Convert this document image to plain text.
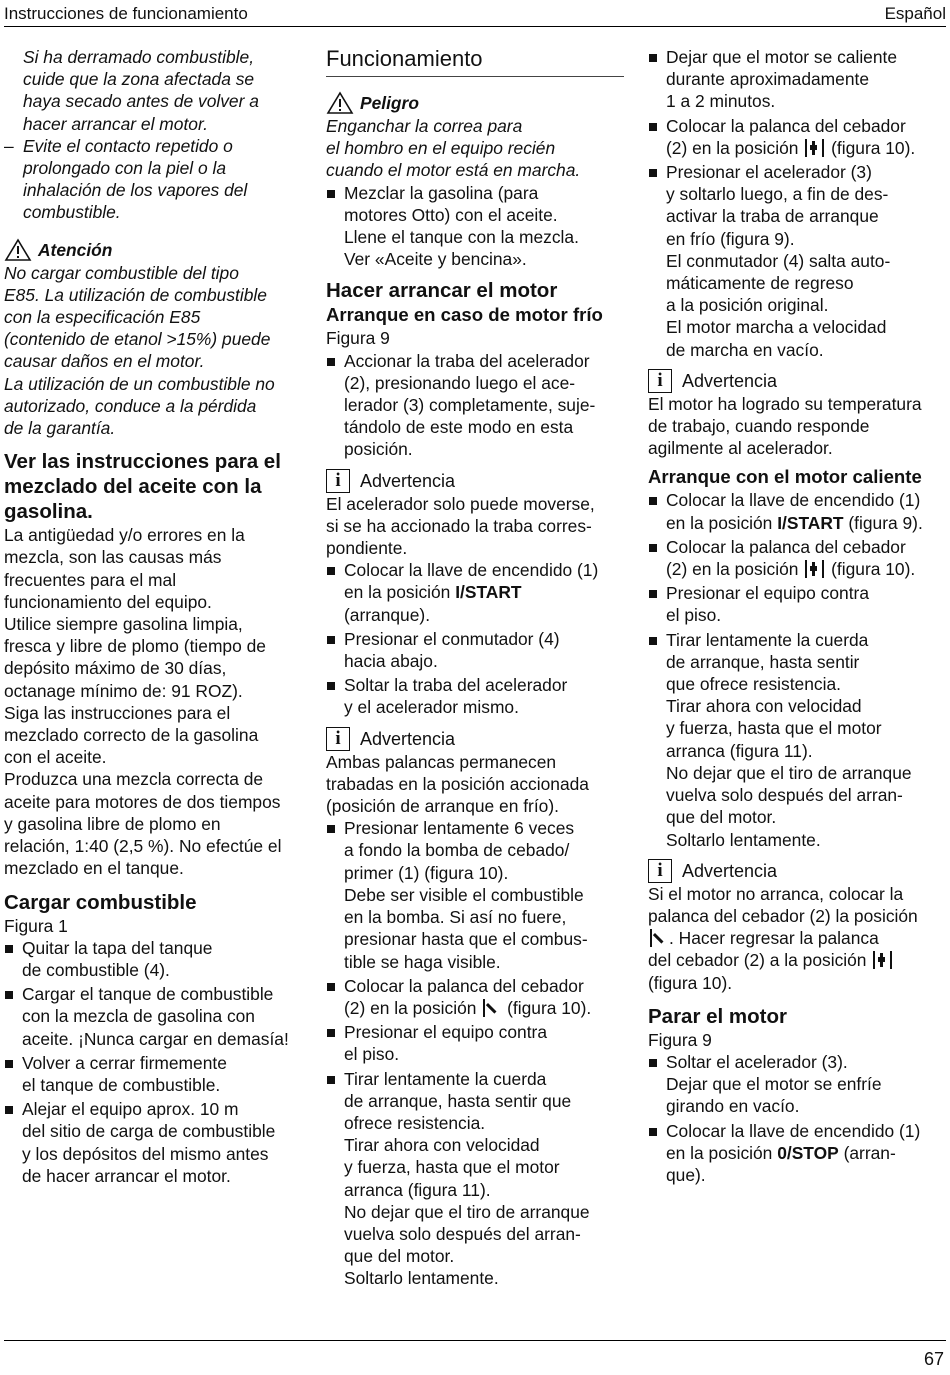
Instrucciones de funcionamiento	Español

Si ha derramado combustible,
cuide que la zona afectada se
haya secado antes de volver a
hacer arrancar el motor.

– Evite el contacto repetido o
prolongado con la piel o la
inhalación de los vapores del
combustible.
Atención

No cargar combustible del tipo
E85. La utilización de combustible
con la especificación E85
(contenido de etanol >15%) puede
causar daños en el motor.
La utilización de un combustible no
autorizado, conduce a la pérdida
de la garantía.

Ver las instrucciones para el
mezclado del aceite con la
gasolina.

La antigüedad y/o errores en la
mezcla, son las causas más
frecuentes para el mal
funcionamiento del equipo.
Utilice siempre gasolina limpia,
fresca y libre de plomo (tiempo de
depósito máximo de 30 días,
octanage mínimo de: 91 ROZ).
Siga las instrucciones para el
mezclado correcto de la gasolina
con el aceite.
Produzca una mezcla correcta de
aceite para motores de dos tiempos
y gasolina libre de plomo en
relación, 1:40 (2,5 %). No efectúe el
mezclado en el tanque.

Cargar combustible

Figura 1

Quitar la tapa del tanque
de combustible (4).
Cargar el tanque de combustible
con la mezcla de gasolina con
aceite. ¡Nunca cargar en demasía!
Volver a cerrar firmemente
el tanque de combustible.
Alejar el equipo aprox. 10 m
del sitio de carga de combustible
y los depósitos del mismo antes
de hacer arrancar el motor.
Funcionamiento
Peligro

Enganchar la correa para
el hombro en el equipo recién
cuando el motor está en marcha.

Mezclar la gasolina (para
motores Otto) con el aceite.
Llene el tanque con la mezcla.
Ver «Aceite y bencina».
Hacer arrancar el motor
Arranque en caso de motor frío

Figura 9

Accionar la traba del acelerador
(2), presionando luego el ace-
lerador (3) completamente, suje-
tándolo de este modo en esta
posición.
i	Advertencia

El acelerador solo puede moverse,
si se ha accionado la traba corres-
pondiente.

Colocar la llave de encendido (1)
en la posición I/START
(arranque).
Presionar el conmutador (4)
hacia abajo.
Soltar la traba del acelerador
y el acelerador mismo.
i	Advertencia

Ambas palancas permanecen
trabadas en la posición accionada
(posición de arranque en frío).

Presionar lentamente 6 veces
a fondo la bomba de cebado/
primer (1) (figura 10).
Debe ser visible el combustible
en la bomba. Si así no fuere,
presionar hasta que el combus-
tible se haga visible.
Colocar la palanca del cebador
(2) en la posición (figura 10).
Presionar el equipo contra
el piso.
Tirar lentamente la cuerda
de arranque, hasta sentir que
ofrece resistencia.
Tirar ahora con velocidad
y fuerza, hasta que el motor
arranca (figura 11).
No dejar que el tiro de arranque
vuelva solo después del arran-
que del motor.
Soltarlo lentamente.
Dejar que el motor se caliente
durante aproximadamente
1 a 2 minutos.
Colocar la palanca del cebador
(2) en la posición (figura 10).
Presionar el acelerador (3)
y soltarlo luego, a fin de des-
activar la traba de arranque
en frío (figura 9).
El conmutador (4) salta auto-
máticamente de regreso
a la posición original.
El motor marcha a velocidad
de marcha en vacío.
i	Advertencia

El motor ha logrado su temperatura
de trabajo, cuando responde
agilmente al acelerador.

Arranque con el motor caliente
Colocar la llave de encendido (1)
en la posición I/START (figura 9).
Colocar la palanca del cebador
(2) en la posición (figura 10).
Presionar el equipo contra
el piso.
Tirar lentamente la cuerda
de arranque, hasta sentir
que ofrece resistencia.
Tirar ahora con velocidad
y fuerza, hasta que el motor
arranca (figura 11).
No dejar que el tiro de arranque
vuelva solo después del arran-
que del motor.
Soltarlo lentamente.
i	Advertencia

Si el motor no arranca, colocar la
palanca del cebador (2) la posición
. Hacer regresar la palanca
del cebador (2) a la posición
(figura 10).

Parar el motor

Figura 9

Soltar el acelerador (3).
Dejar que el motor se enfríe
girando en vacío.
Colocar la llave de encendido (1)
en la posición 0/STOP (arran-
que).
67
